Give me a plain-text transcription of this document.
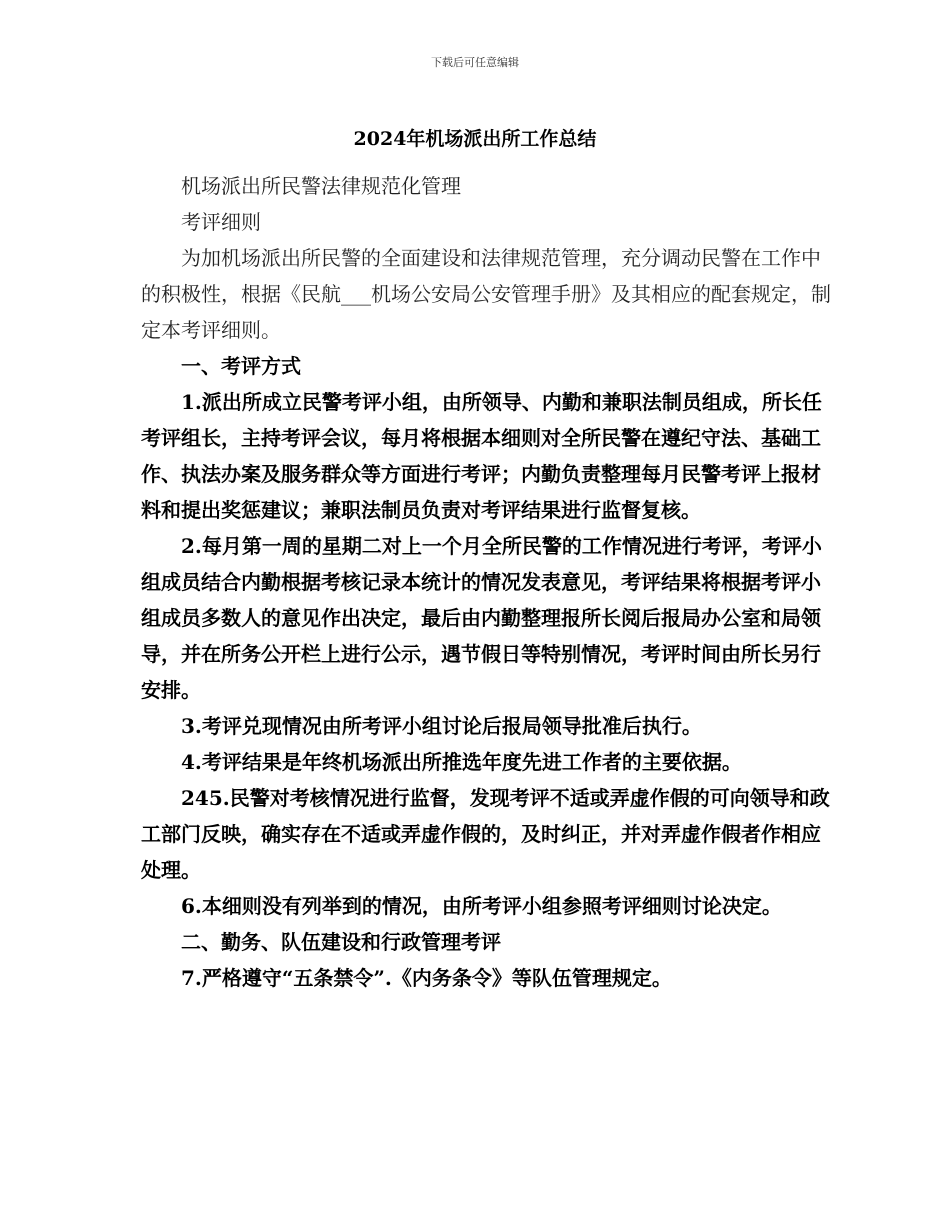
下载后可任意编辑
2024年机场派出所工作总结

机场派出所民警法律规范化管理

考评细则

为加机场派出所民警的全面建设和法律规范管理，充分调动民警在工作中的积极性，根据《民航___机场公安局公安管理手册》及其相应的配套规定，制定本考评细则。

一、考评方式

1.派出所成立民警考评小组，由所领导、内勤和兼职法制员组成，所长任考评组长，主持考评会议，每月将根据本细则对全所民警在遵纪守法、基础工作、执法办案及服务群众等方面进行考评；内勤负责整理每月民警考评上报材料和提出奖惩建议；兼职法制员负责对考评结果进行监督复核。

2.每月第一周的星期二对上一个月全所民警的工作情况进行考评，考评小组成员结合内勤根据考核记录本统计的情况发表意见，考评结果将根据考评小组成员多数人的意见作出决定，最后由内勤整理报所长阅后报局办公室和局领导，并在所务公开栏上进行公示，遇节假日等特别情况，考评时间由所长另行安排。

3.考评兑现情况由所考评小组讨论后报局领导批准后执行。

4.考评结果是年终机场派出所推选年度先进工作者的主要依据。

245.民警对考核情况进行监督，发现考评不适或弄虚作假的可向领导和政工部门反映，确实存在不适或弄虚作假的，及时纠正，并对弄虚作假者作相应处理。

6.本细则没有列举到的情况，由所考评小组参照考评细则讨论决定。

二、勤务、队伍建设和行政管理考评

7.严格遵守“五条禁令”.《内务条令》等队伍管理规定。
